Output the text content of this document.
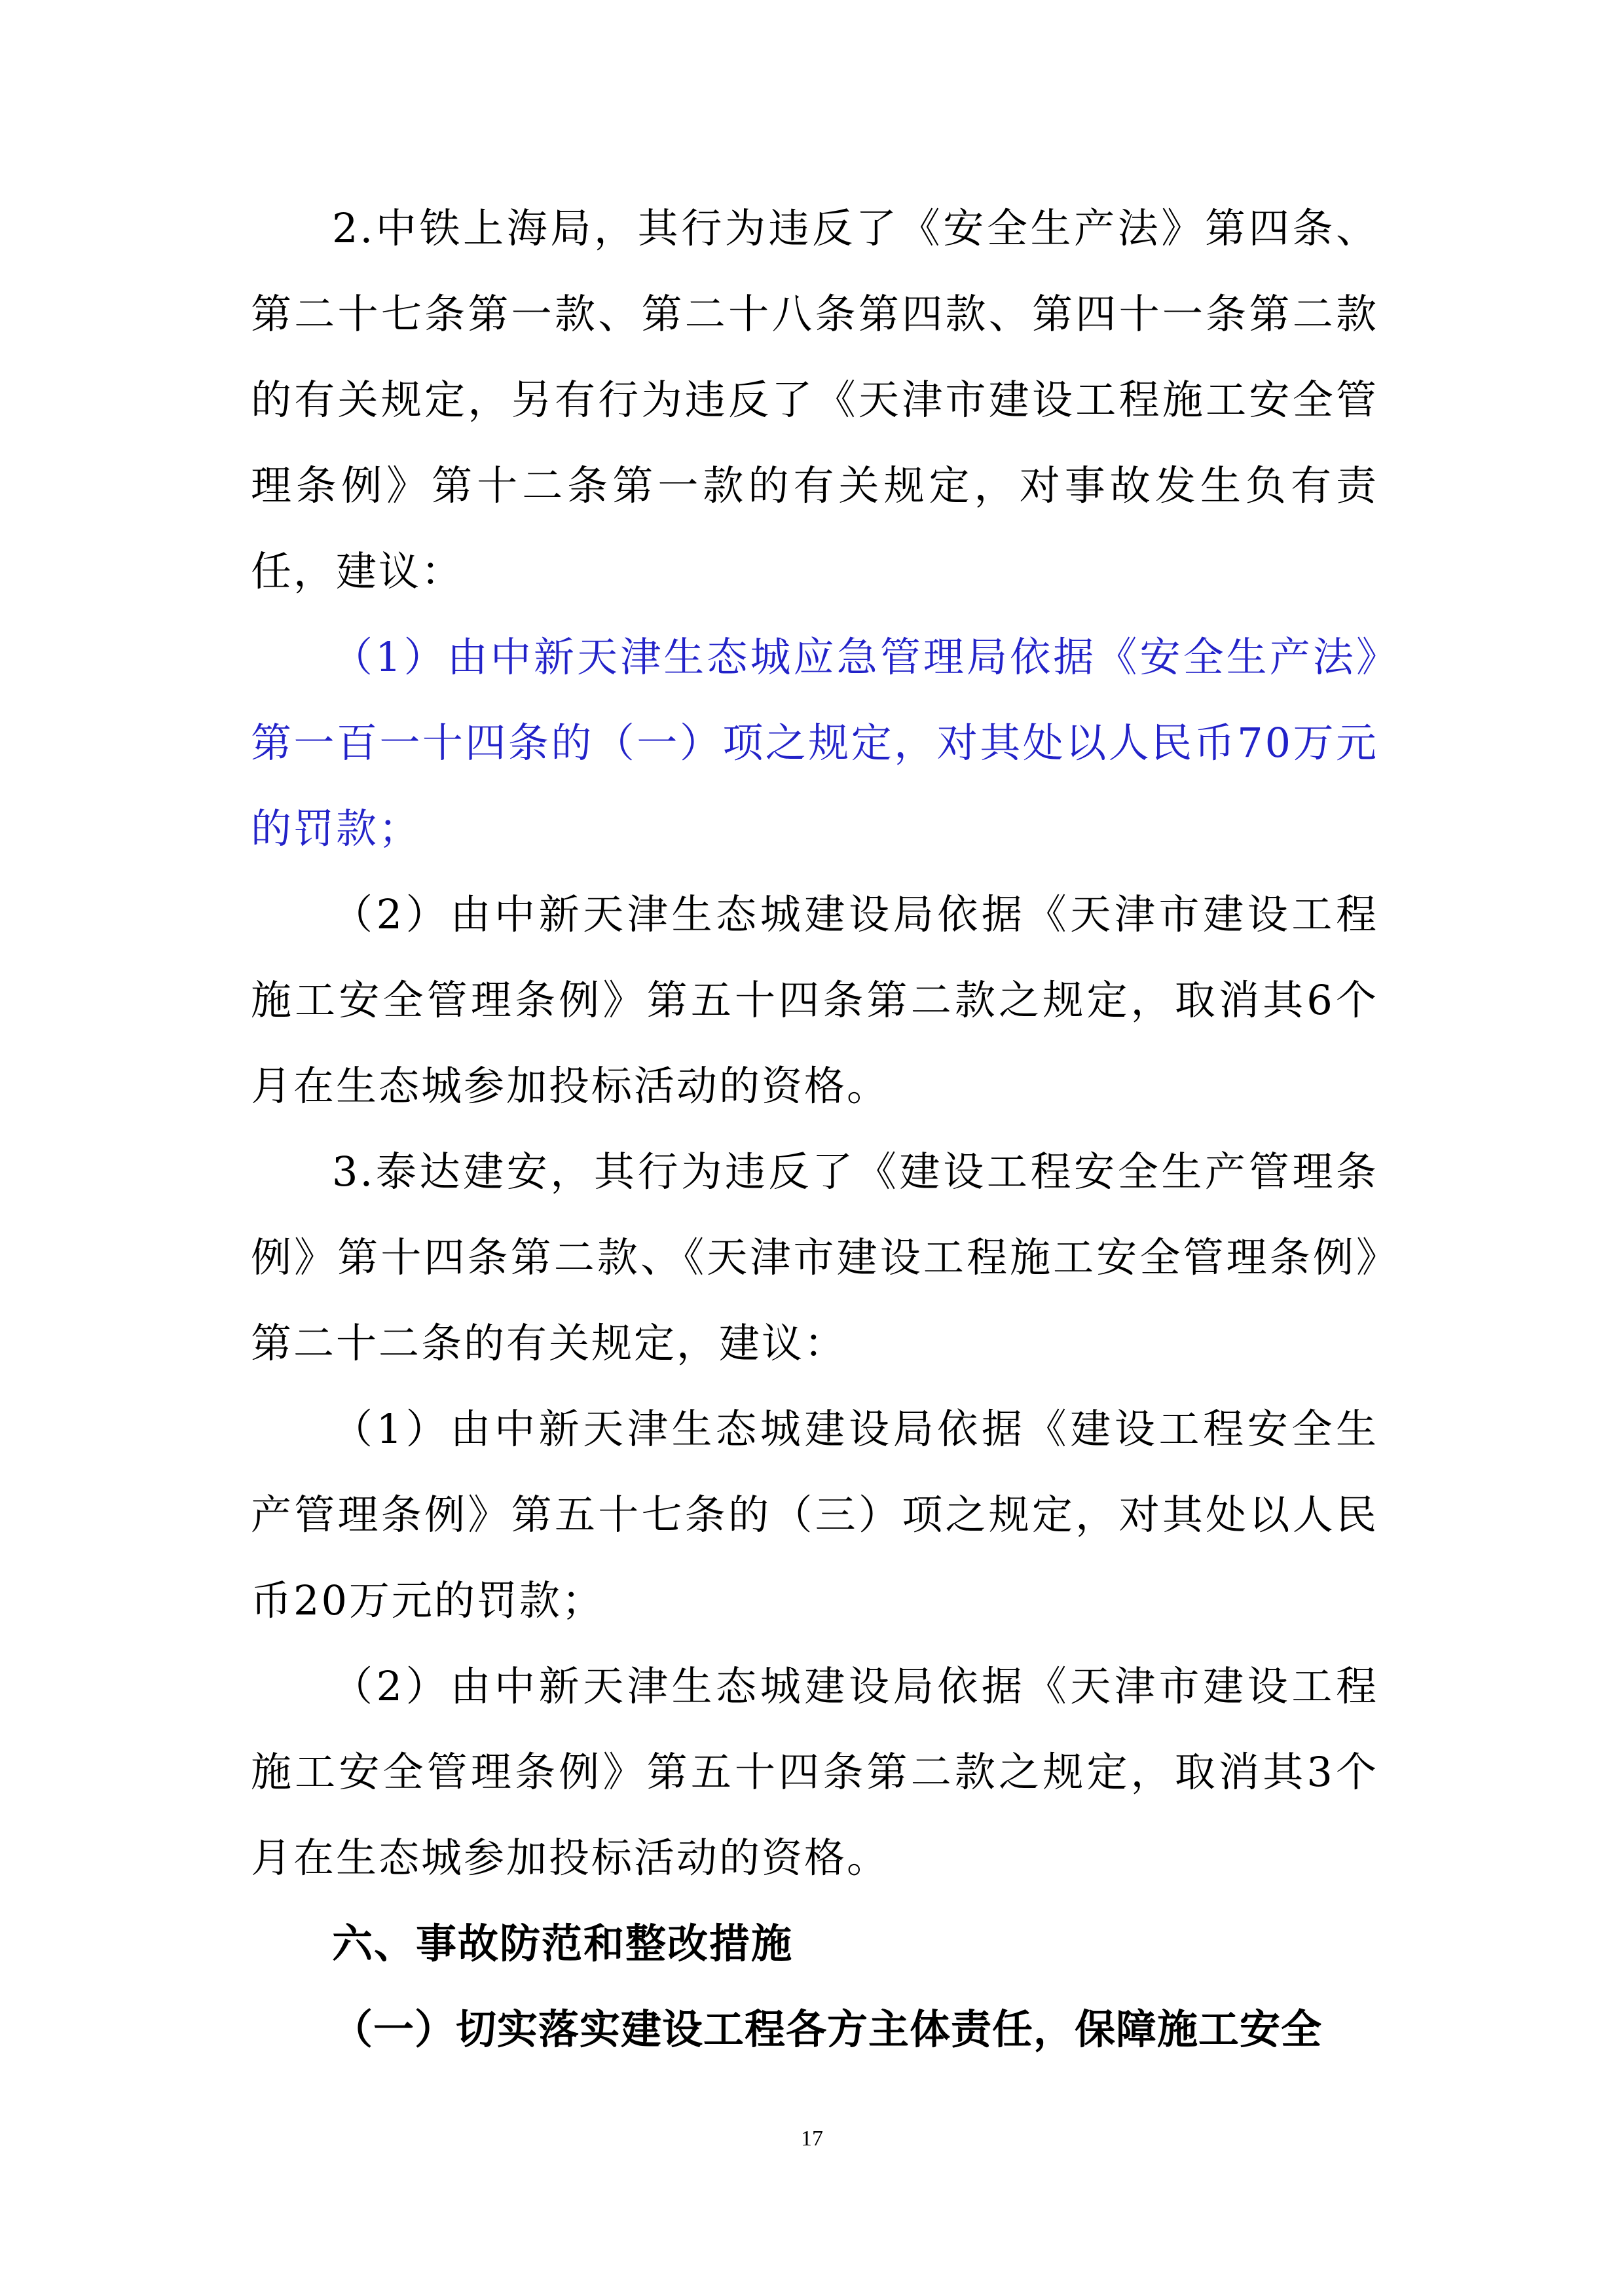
2.中铁上海局，其行为违反了《安全生产法》第四条、第二十七条第一款、第二十八条第四款、第四十一条第二款的有关规定，另有行为违反了《天津市建设工程施工安全管理条例》第十二条第一款的有关规定，对事故发生负有责任，建议：

（1）由中新天津生态城应急管理局依据《安全生产法》第一百一十四条的（一）项之规定，对其处以人民币70万元的罚款；

（2）由中新天津生态城建设局依据《天津市建设工程施工安全管理条例》第五十四条第二款之规定，取消其6个月在生态城参加投标活动的资格。

3.泰达建安，其行为违反了《建设工程安全生产管理条例》第十四条第二款、《天津市建设工程施工安全管理条例》第二十二条的有关规定，建议：

（1）由中新天津生态城建设局依据《建设工程安全生产管理条例》第五十七条的（三）项之规定，对其处以人民币20万元的罚款；

（2）由中新天津生态城建设局依据《天津市建设工程施工安全管理条例》第五十四条第二款之规定，取消其3个月在生态城参加投标活动的资格。

六、事故防范和整改措施

（一）切实落实建设工程各方主体责任，保障施工安全

17
